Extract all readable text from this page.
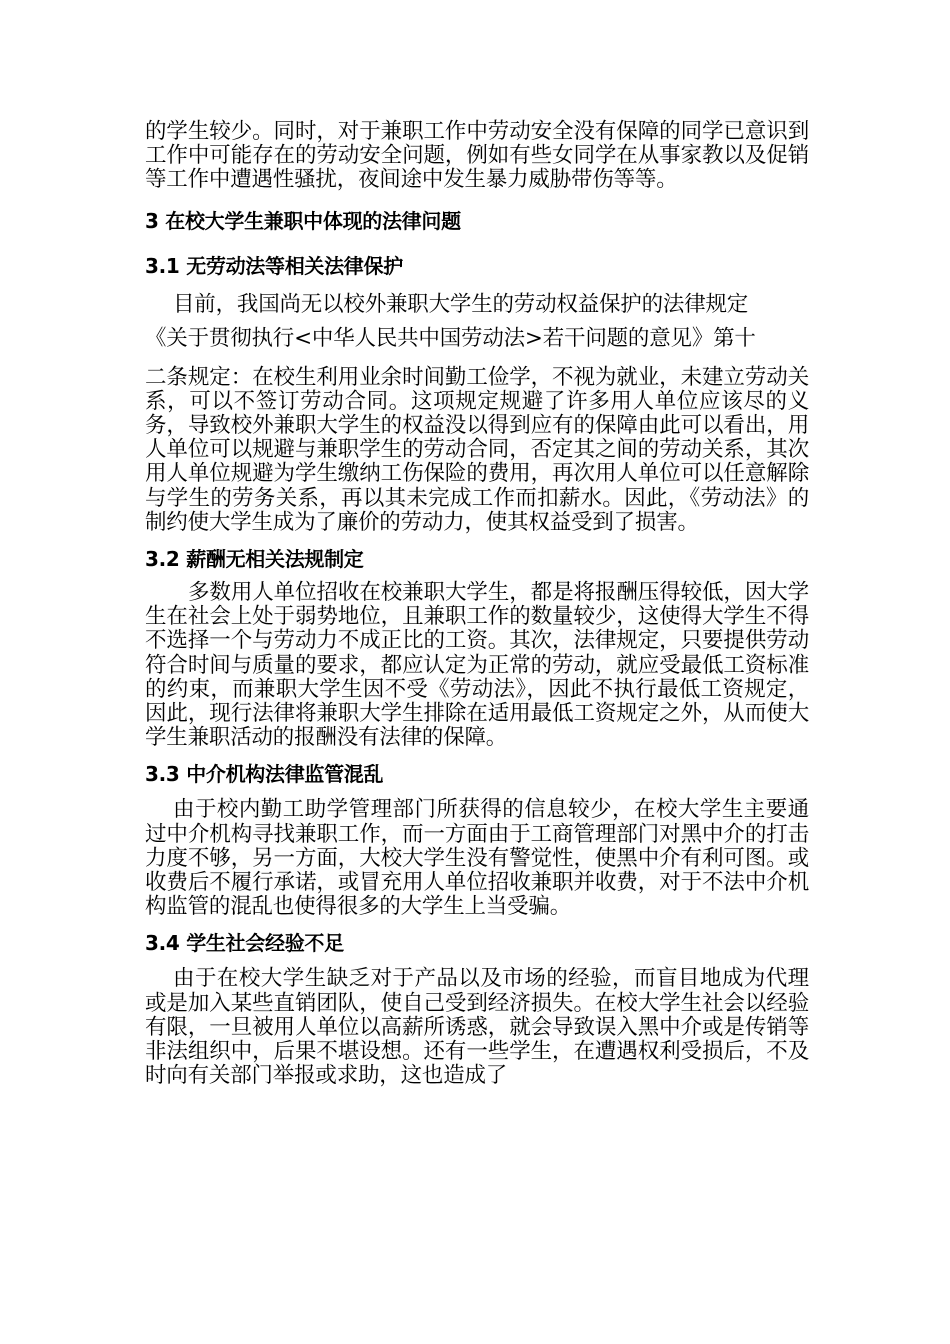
的学生较少。同时，对于兼职工作中劳动安全没有保障的同学已意识到工作中可能存在的劳动安全问题，例如有些女同学在从事家教以及促销等工作中遭遇性骚扰，夜间途中发生暴力威胁带伤等等。

3 在校大学生兼职中体现的法律问题
3.1 无劳动法等相关法律保护

目前，我国尚无以校外兼职大学生的劳动权益保护的法律规定
《关于贯彻执行<中华人民共中国劳动法>若干问题的意见》第十
二条规定：在校生利用业余时间勤工俭学，不视为就业，未建立劳动关系，可以不签订劳动合同。这项规定规避了许多用人单位应该尽的义务，导致校外兼职大学生的权益没以得到应有的保障由此可以看出，用人单位可以规避与兼职学生的劳动合同，否定其之间的劳动关系，其次用人单位规避为学生缴纳工伤保险的费用，再次用人单位可以任意解除与学生的劳务关系，再以其未完成工作而扣薪水。因此，《劳动法》的制约使大学生成为了廉价的劳动力，使其权益受到了损害。

3.2 薪酬无相关法规制定

多数用人单位招收在校兼职大学生，都是将报酬压得较低，因大学生在社会上处于弱势地位，且兼职工作的数量较少，这使得大学生不得不选择一个与劳动力不成正比的工资。其次，法律规定，只要提供劳动符合时间与质量的要求，都应认定为正常的劳动，就应受最低工资标准的约束，而兼职大学生因不受《劳动法》，因此不执行最低工资规定，因此，现行法律将兼职大学生排除在适用最低工资规定之外，从而使大学生兼职活动的报酬没有法律的保障。

3.3 中介机构法律监管混乱

由于校内勤工助学管理部门所获得的信息较少，在校大学生主要通过中介机构寻找兼职工作，而一方面由于工商管理部门对黑中介的打击力度不够，另一方面，大校大学生没有警觉性，使黑中介有利可图。或收费后不履行承诺，或冒充用人单位招收兼职并收费，对于不法中介机构监管的混乱也使得很多的大学生上当受骗。

3.4 学生社会经验不足

由于在校大学生缺乏对于产品以及市场的经验，而盲目地成为代理或是加入某些直销团队，使自己受到经济损失。在校大学生社会以经验有限，一旦被用人单位以高薪所诱惑，就会导致误入黑中介或是传销等非法组织中，后果不堪设想。还有一些学生，在遭遇权利受损后，不及时向有关部门举报或求助，这也造成了
